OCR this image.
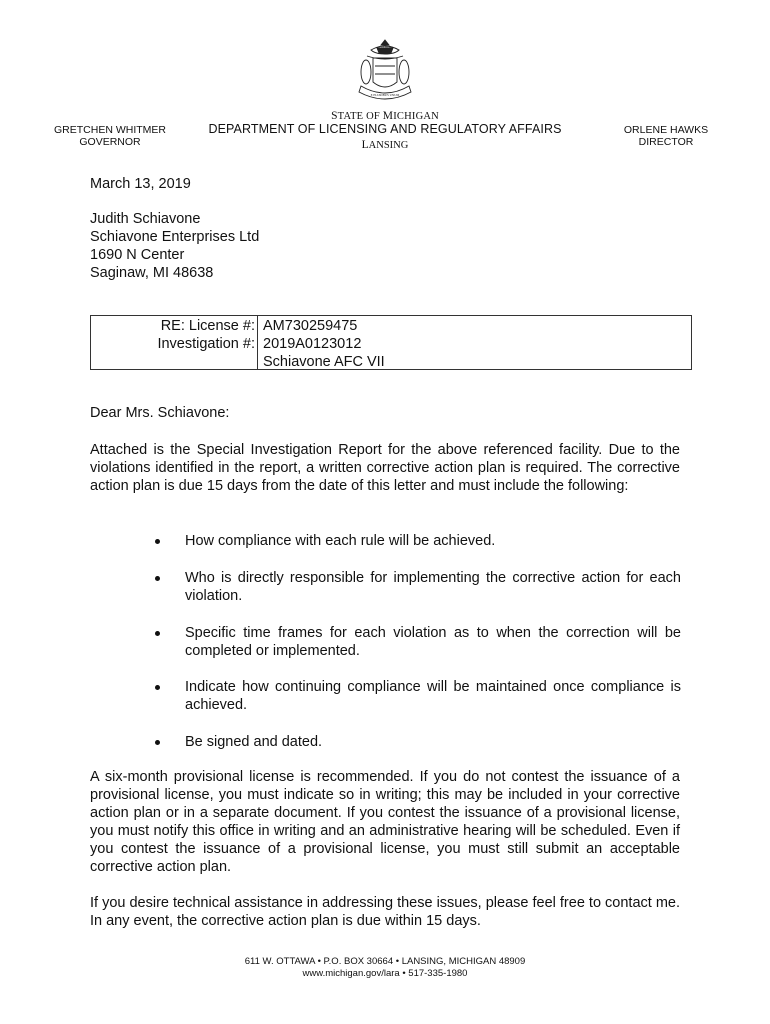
TUEBOR
E PLURIBUS UNUM
GRETCHEN WHITMER
GOVERNOR
STATE OF MICHIGAN
DEPARTMENT OF LICENSING AND REGULATORY AFFAIRS
LANSING
ORLENE HAWKS
DIRECTOR
March 13, 2019
Judith Schiavone
Schiavone Enterprises Ltd
1690 N Center
Saginaw, MI 48638
RE: License #:
Investigation #:
AM730259475
2019A0123012
Schiavone AFC VII
Dear Mrs. Schiavone:
Attached is the Special Investigation Report for the above referenced facility. Due to the violations identified in the report, a written corrective action plan is required. The corrective action plan is due 15 days from the date of this letter and must include the following:
How compliance with each rule will be achieved.
Who is directly responsible for implementing the corrective action for each violation.
Specific time frames for each violation as to when the correction will be completed or implemented.
Indicate how continuing compliance will be maintained once compliance is achieved.
Be signed and dated.
A six-month provisional license is recommended. If you do not contest the issuance of a provisional license, you must indicate so in writing; this may be included in your corrective action plan or in a separate document. If you contest the issuance of a provisional license, you must notify this office in writing and an administrative hearing will be scheduled. Even if you contest the issuance of a provisional license, you must still submit an acceptable corrective action plan.
If you desire technical assistance in addressing these issues, please feel free to contact me. In any event, the corrective action plan is due within 15 days.
611 W. OTTAWA • P.O. BOX 30664 • LANSING, MICHIGAN 48909
www.michigan.gov/lara • 517-335-1980
